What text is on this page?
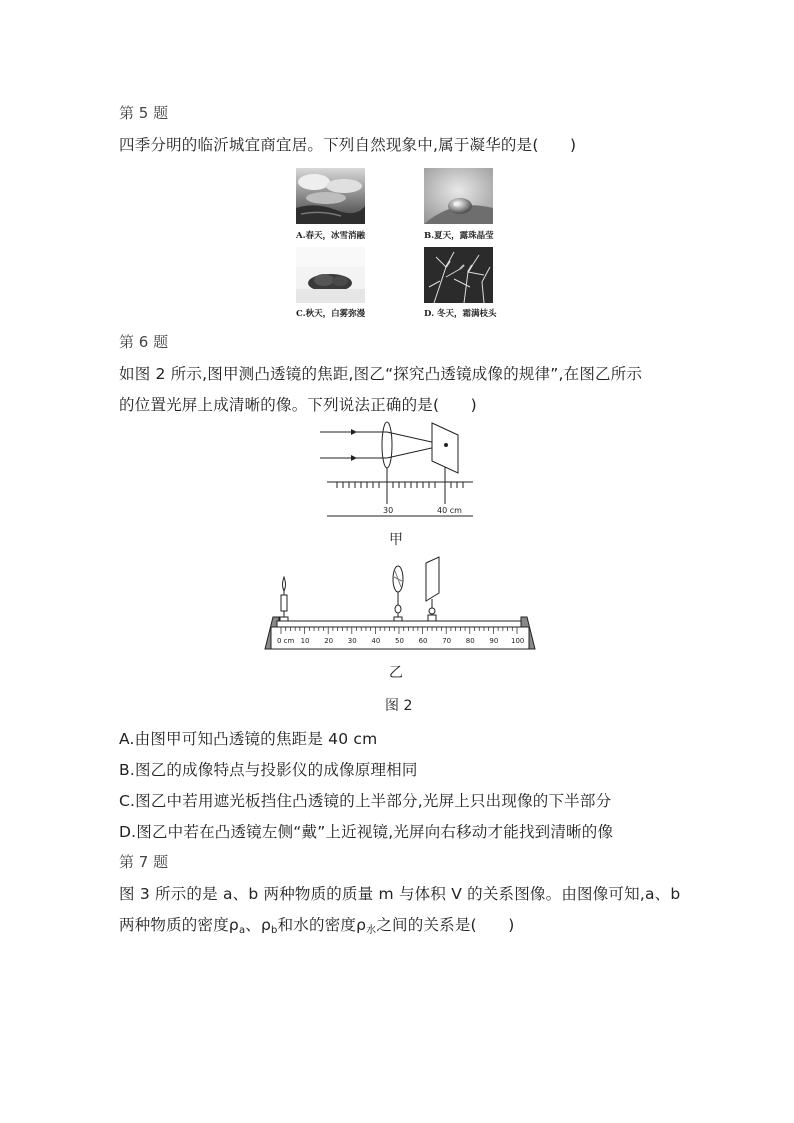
第 5 题
四季分明的临沂城宜商宜居。下列自然现象中,属于凝华的是(　　)
A.春天，冰雪消融	B.夏天，露珠晶莹
C.秋天，白雾弥漫	D. 冬天，霜满枝头
第 6 题
如图 2 所示,图甲测凸透镜的焦距,图乙“探究凸透镜成像的规律”,在图乙所示
的位置光屏上成清晰的像。下列说法正确的是(　　)
30	40 cm
甲
0 cm 10 20 30 40 50 60 70 80 90 100
乙
图 2
A.由图甲可知凸透镜的焦距是 40 cm
B.图乙的成像特点与投影仪的成像原理相同
C.图乙中若用遮光板挡住凸透镜的上半部分,光屏上只出现像的下半部分
D.图乙中若在凸透镜左侧“戴”上近视镜,光屏向右移动才能找到清晰的像
第 7 题
图 3 所示的是 a、b 两种物质的质量 m 与体积 V 的关系图像。由图像可知,a、b
两种物质的密度$\rho_a$、$\rho_b$和水的密度$\rho_水$之间的关系是(　　)
